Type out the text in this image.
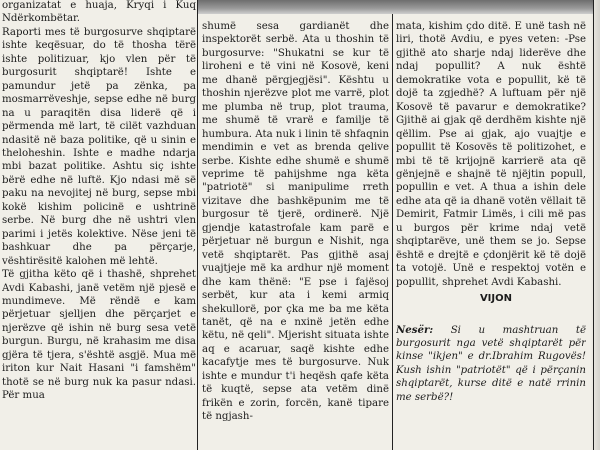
organizatat e huaja, Kryqi i Kuq Ndërkombëtar.

Raporti mes të burgosurve shqiptarë ishte keqësuar, do të thosha tërë ishte politizuar, kjo vlen për të burgosurit shqiptarë! Ishte e pamundur jetë pa zënka, pa mosmarrëveshje, sepse edhe në burg na u paraqitën disa liderë që i përmenda më lart, të cilët vazhduan ndasitë në baza politike, që u sinin e theloheshin. Ishte e madhe ndarja mbi bazat politike. Ashtu siç ishte bërë edhe në luftë. Kjo ndasi më së paku na nevojitej në burg, sepse mbi kokë kishim policinë e ushtrinë serbe. Në burg dhe në ushtri vlen parimi i jetës kolektive. Nëse jeni të bashkuar dhe pa përçarje, vështirësitë kalohen më lehtë.

Të gjitha këto që i thashë, shprehet Avdi Kabashi, janë vetëm një pjesë e mundimeve. Më rëndë e kam përjetuar sjelljen dhe përçarjet e njerëzve që ishin në burg sesa vetë burgun. Burgu, në krahasim me disa gjëra të tjera, s'është asgjë. Mua më iriton kur Nait Hasani "i famshëm" thotë se në burg nuk ka pasur ndasi. Për mua

shumë sesa gardianët dhe inspektorët serbë. Ata u thoshin të burgosurve: "Shukatni se kur të liroheni e të vini në Kosovë, keni me dhanë përgjegjësi". Kështu u thoshin njerëzve plot me varrë, plot me plumba në trup, plot trauma, me shumë të vrarë e familje të humbura. Ata nuk i linin të shfaqnin mendimin e vet as brenda qelive serbe. Kishte edhe shumë e shumë veprime të pahijshme nga këta "patriotë" si manipulime rreth vizitave dhe bashkëpunim me të burgosur të tjerë, ordinerë. Një gjendje katastrofale kam parë e përjetuar në burgun e Nishit, nga vetë shqiptarët. Pas gjithë asaj vuajtjeje më ka ardhur një moment dhe kam thënë: "E pse i fajësoj serbët, kur ata i kemi armiq shekullorë, por çka me ba me këta tanët, që na e nxinë jetën edhe këtu, në qeli". Mjerisht situata ishte aq e acaruar, saqë kishte edhe kacafytje mes të burgosurve. Nuk ishte e mundur t'i heqësh qafe këta të kuqtë, sepse ata vetëm dinë frikën e zorin, forcën, kanë tipare të ngjash-

mata, kishim çdo ditë. E unë tash në liri, thotë Avdiu, e pyes veten: -Pse gjithë ato sharje ndaj liderëve dhe ndaj popullit? A nuk është demokratike vota e popullit, kë të dojë ta zgjedhë? A luftuam për një Kosovë të pavarur e demokratike? Gjithë ai gjak që derdhëm kishte një qëllim. Pse ai gjak, ajo vuajtje e popullit të Kosovës të politizohet, e mbi të të krijojnë karrierë ata që gënjejnë e shajnë të njëjtin popull, popullin e vet. A thua a ishin dele edhe ata që ia dhanë votën vëllait të Demirit, Fatmir Limës, i cili më pas u burgos për krime ndaj vetë shqiptarëve, unë them se jo. Sepse është e drejtë e çdonjërit kë të dojë ta votojë. Unë e respektoj votën e popullit, shprehet Avdi Kabashi.

VIJON
Nesër: Si u mashtruan të burgosurit nga vetë shqiptarët për kinse "ikjen" e dr.Ibrahim Rugovës! Kush ishin "patriotët" që i përçanin shqiptarët, kurse ditë e natë rrinin me serbë?!
